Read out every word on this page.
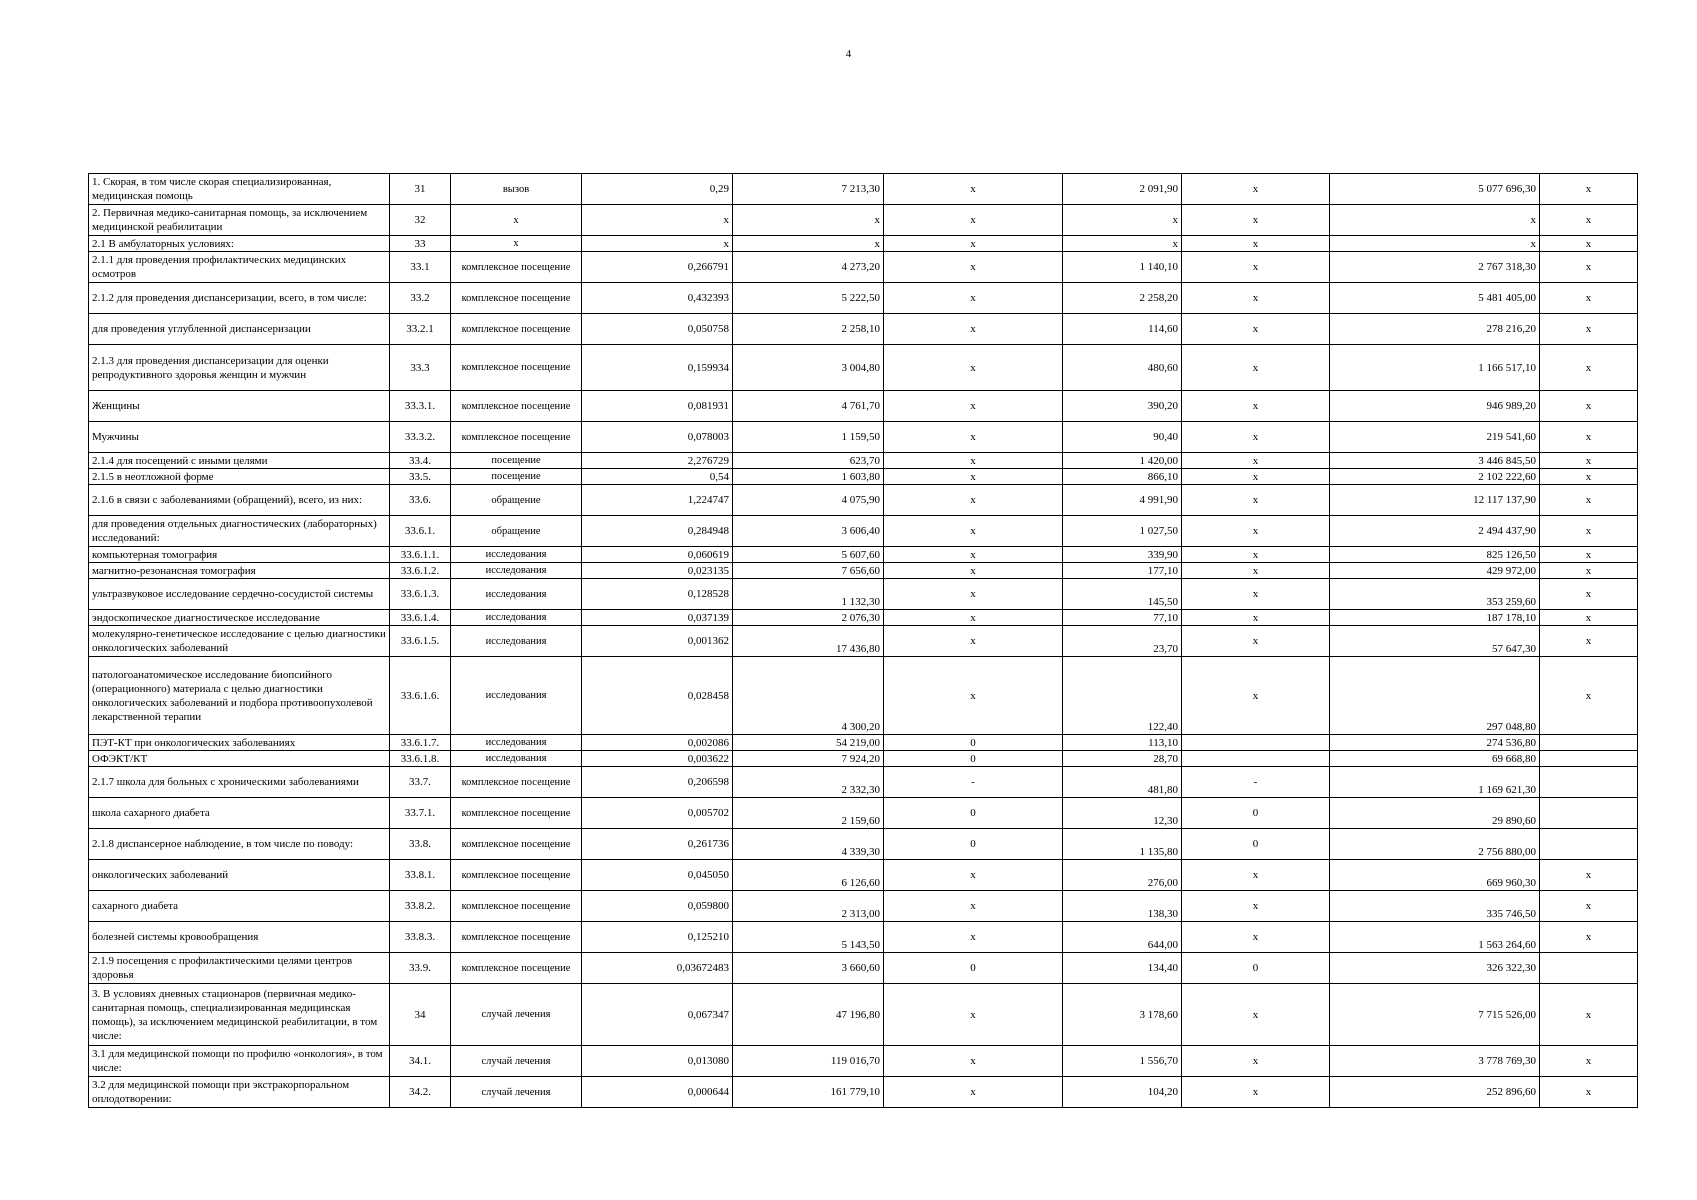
4
1. Скорая, в том числе скорая специализированная, медицинская помощь	31	вызов	0,29	7 213,30	x	2 091,90	x	5 077 696,30	x
2. Первичная медико-санитарная помощь, за исключением медицинской реабилитации	32	x	x	x	x	x	x	x	x
2.1 В амбулаторных условиях:	33	x	x	x	x	x	x	x	x
2.1.1 для проведения профилактических медицинских осмотров	33.1	комплексное посещение	0,266791	4 273,20	x	1 140,10	x	2 767 318,30	x
2.1.2 для проведения диспансеризации, всего, в том числе:	33.2	комплексное посещение	0,432393	5 222,50	x	2 258,20	x	5 481 405,00	x
для проведения углубленной диспансеризации	33.2.1	комплексное посещение	0,050758	2 258,10	x	114,60	x	278 216,20	x
2.1.3 для проведения диспансеризации для оценки репродуктивного здоровья женщин и мужчин	33.3	комплексное посещение	0,159934	3 004,80	x	480,60	x	1 166 517,10	x
Женщины	33.3.1.	комплексное посещение	0,081931	4 761,70	x	390,20	x	946 989,20	x
Мужчины	33.3.2.	комплексное посещение	0,078003	1 159,50	x	90,40	x	219 541,60	x
2.1.4 для посещений с иными целями	33.4.	посещение	2,276729	623,70	x	1 420,00	x	3 446 845,50	x
2.1.5 в неотложной форме	33.5.	посещение	0,54	1 603,80	x	866,10	x	2 102 222,60	x
2.1.6 в связи с заболеваниями (обращений), всего, из них:	33.6.	обращение	1,224747	4 075,90	x	4 991,90	x	12 117 137,90	x
для проведения отдельных диагностических (лабораторных) исследований:	33.6.1.	обращение	0,284948	3 606,40	x	1 027,50	x	2 494 437,90	x
компьютерная томография	33.6.1.1.	исследования	0,060619	5 607,60	x	339,90	x	825 126,50	x
магнитно-резонансная томография	33.6.1.2.	исследования	0,023135	7 656,60	x	177,10	x	429 972,00	x
ультразвуковое исследование сердечно-сосудистой системы	33.6.1.3.	исследования	0,128528	1 132,30	x	145,50	x	353 259,60	x
эндоскопическое диагностическое исследование	33.6.1.4.	исследования	0,037139	2 076,30	x	77,10	x	187 178,10	x
молекулярно-генетическое исследование с целью диагностики онкологических заболеваний	33.6.1.5.	исследования	0,001362	17 436,80	x	23,70	x	57 647,30	x
патологоанатомическое исследование биопсийного (операционного) материала с целью диагностики онкологических заболеваний и подбора противоопухолевой лекарственной терапии	33.6.1.6.	исследования	0,028458	4 300,20	x	122,40	x	297 048,80	x
ПЭТ-КТ при онкологических заболеваниях	33.6.1.7.	исследования	0,002086	54 219,00	0	113,10		274 536,80	
ОФЭКТ/КТ	33.6.1.8.	исследования	0,003622	7 924,20	0	28,70		69 668,80	
2.1.7 школа для больных с хроническими заболеваниями	33.7.	комплексное посещение	0,206598	2 332,30	-	481,80	-	1 169 621,30	
школа сахарного диабета	33.7.1.	комплексное посещение	0,005702	2 159,60	0	12,30	0	29 890,60	
2.1.8 диспансерное наблюдение, в том числе по поводу:	33.8.	комплексное посещение	0,261736	4 339,30	0	1 135,80	0	2 756 880,00	
онкологических заболеваний	33.8.1.	комплексное посещение	0,045050	6 126,60	x	276,00	x	669 960,30	x
сахарного диабета	33.8.2.	комплексное посещение	0,059800	2 313,00	x	138,30	x	335 746,50	x
болезней системы кровообращения	33.8.3.	комплексное посещение	0,125210	5 143,50	x	644,00	x	1 563 264,60	x
2.1.9 посещения с профилактическими целями центров здоровья	33.9.	комплексное посещение	0,03672483	3 660,60	0	134,40	0	326 322,30	
3. В условиях дневных стационаров (первичная медико-санитарная помощь, специализированная медицинская помощь), за исключением медицинской реабилитации, в том числе:	34	случай лечения	0,067347	47 196,80	x	3 178,60	x	7 715 526,00	x
3.1 для медицинской помощи по профилю «онкология», в том числе:	34.1.	случай лечения	0,013080	119 016,70	x	1 556,70	x	3 778 769,30	x
3.2 для медицинской помощи при экстракорпоральном оплодотворении:	34.2.	случай лечения	0,000644	161 779,10	x	104,20	x	252 896,60	x
